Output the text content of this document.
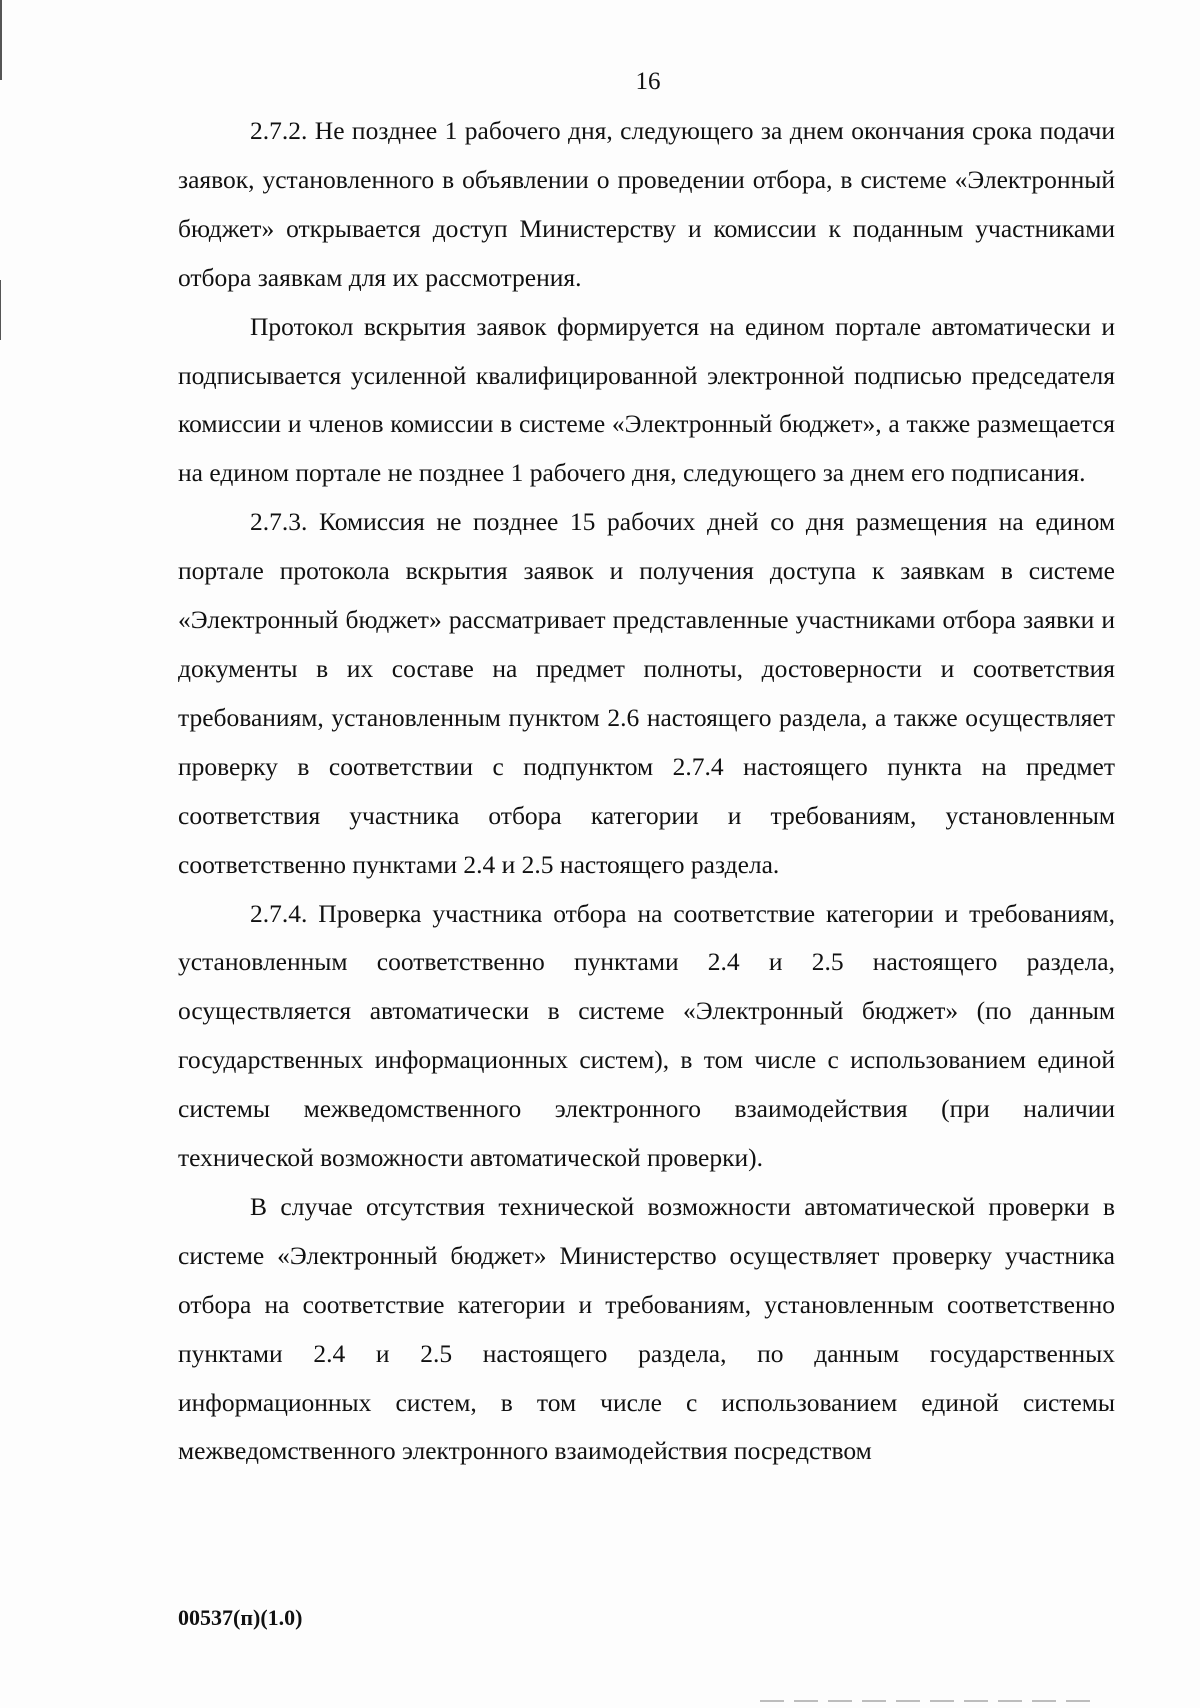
16

2.7.2. Не позднее 1 рабочего дня, следующего за днем окончания срока подачи заявок, установленного в объявлении о проведении отбора, в системе «Электронный бюджет» открывается доступ Министерству и комиссии к поданным участниками отбора заявкам для их рассмотрения.

Протокол вскрытия заявок формируется на едином портале автоматически и подписывается усиленной квалифицированной электронной подписью председателя комиссии и членов комиссии в системе «Электронный бюджет», а также размещается на едином портале не позднее 1 рабочего дня, следующего за днем его подписания.

2.7.3. Комиссия не позднее 15 рабочих дней со дня размещения на едином портале протокола вскрытия заявок и получения доступа к заявкам в системе «Электронный бюджет» рассматривает представленные участниками отбора заявки и документы в их составе на предмет полноты, достоверности и соответствия требованиям, установленным пунктом 2.6 настоящего раздела, а также осуществляет проверку в соответствии с подпунктом 2.7.4 настоящего пункта на предмет соответствия участника отбора категории и требованиям, установленным соответственно пунктами 2.4 и 2.5 настоящего раздела.

2.7.4. Проверка участника отбора на соответствие категории и требованиям, установленным соответственно пунктами 2.4 и 2.5 настоящего раздела, осуществляется автоматически в системе «Электронный бюджет» (по данным государственных информационных систем), в том числе с использованием единой системы межведомственного электронного взаимодействия (при наличии технической возможности автоматической проверки).

В случае отсутствия технической возможности автоматической проверки в системе «Электронный бюджет» Министерство осуществляет проверку участника отбора на соответствие категории и требованиям, установленным соответственно пунктами 2.4 и 2.5 настоящего раздела, по данным государственных информационных систем, в том числе с использованием единой системы межведомственного электронного взаимодействия посредством

00537(п)(1.0)
